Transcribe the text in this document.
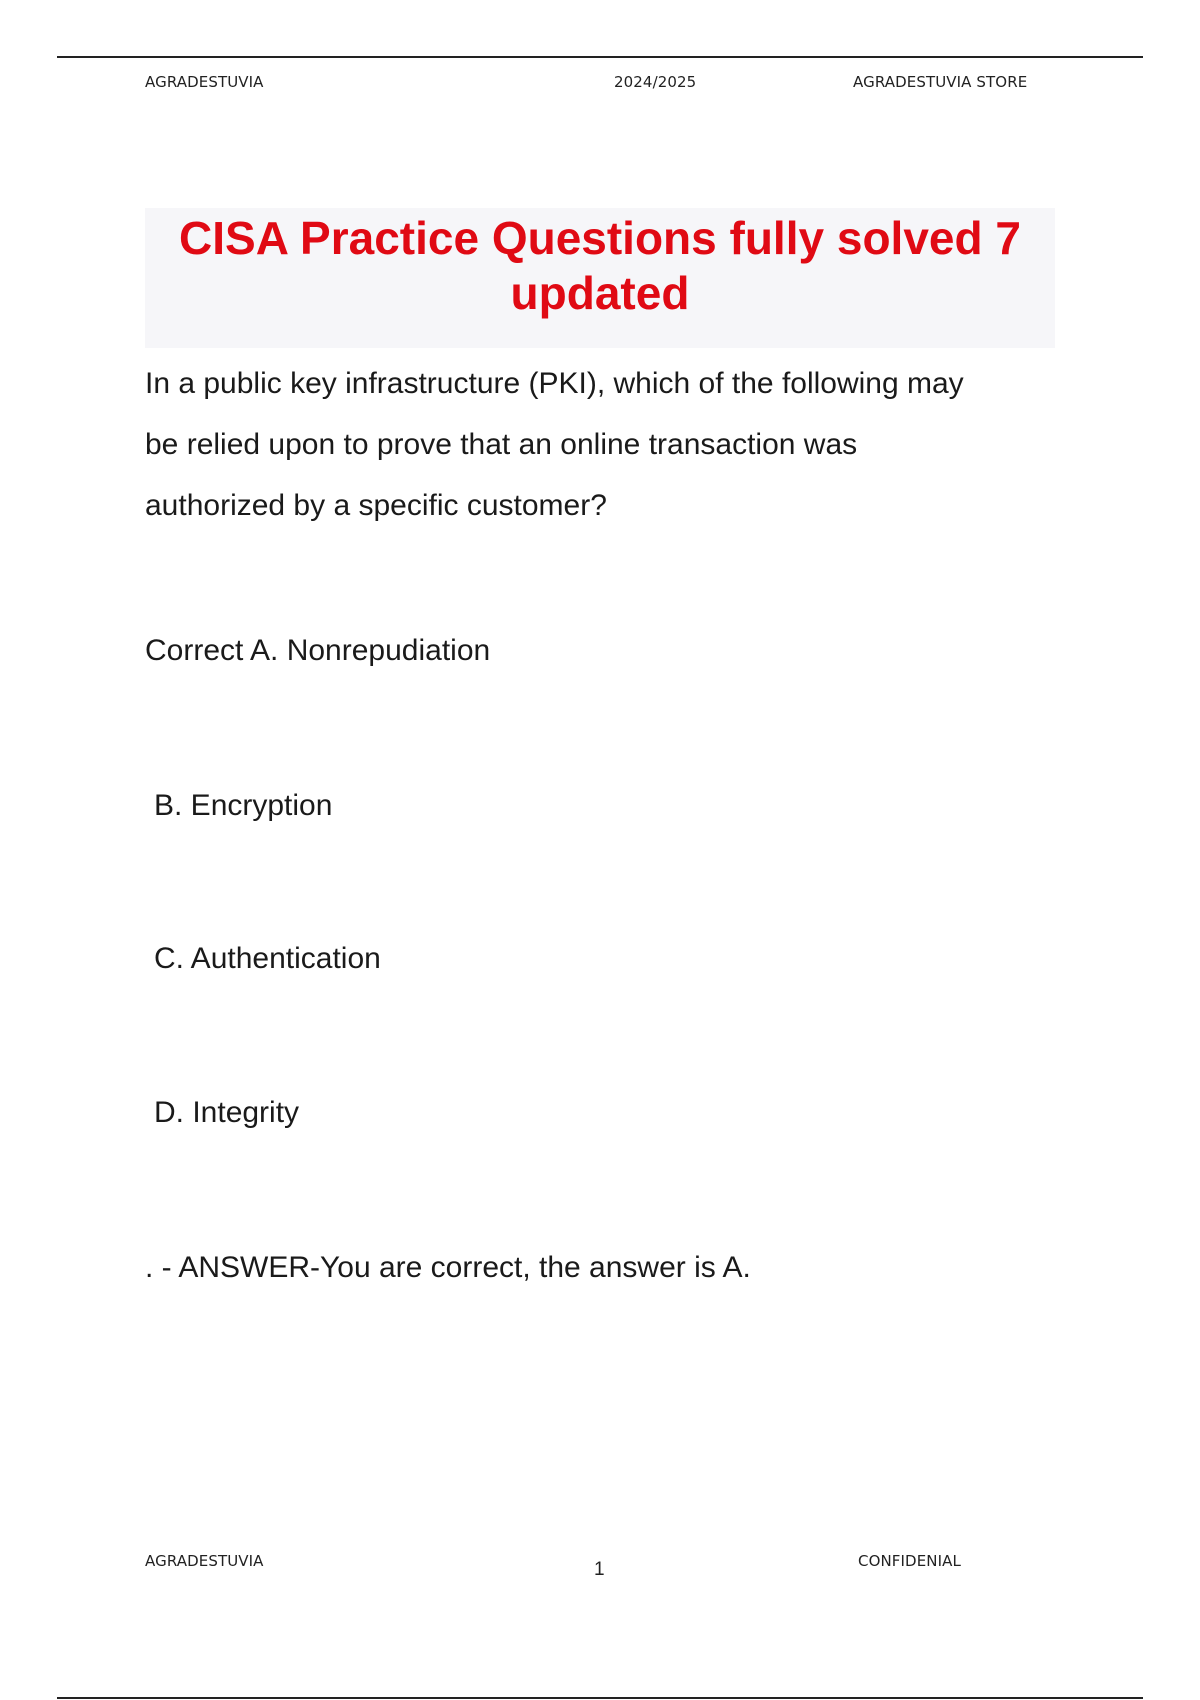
AGRADESTUVIA	2024/2025	AGRADESTUVIA STORE
CISA Practice Questions fully solved 7
updated
In a public key infrastructure (PKI), which of the following may
be relied upon to prove that an online transaction was
authorized by a specific customer?
Correct A. Nonrepudiation
B. Encryption
C. Authentication
D. Integrity
. - ANSWER-You are correct, the answer is A.
AGRADESTUVIA	1	CONFIDENIAL
